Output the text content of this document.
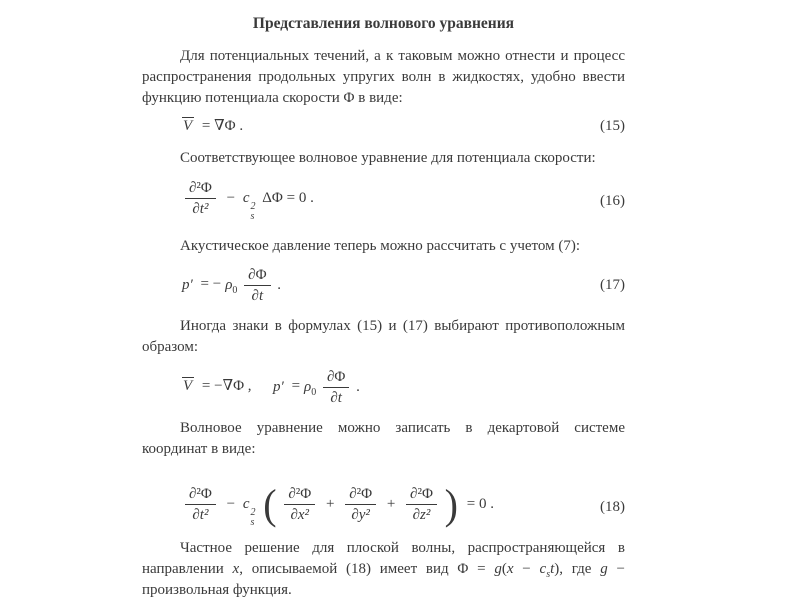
Представления волнового уравнения

Для потенциальных течений, а к таковым можно отнести и процесс распространения продольных упругих волн в жидкостях, удобно ввести функцию потенциала скорости Φ в виде:

V = ∇Φ .	(15)

Соответствующее волновое уравнение для потенциала скорости:

$\frac{\text{∂²Φ}}{\text{∂t²}} - c$
2
s
ΔΦ = 0 .	(16)

Акустическое давление теперь можно рассчитать с учетом (7):

p′ = − $\rho_0 \frac{\partial\Phi}{\partial t}$ .	(17)

Иногда знаки в формулах (15) и (17) выбирают противоположным образом:

V = −∇Φ , $p' = \rho_0 \frac{\partial\Phi}{\partial t}$ .

Волновое уравнение можно записать в декартовой системе координат в виде:

$\frac{\text{∂²Φ}}{\text{∂t²}} - c$
2
s ( $\frac{\text{∂²Φ}}{\text{∂x²}} + \frac{\text{∂²Φ}}{\text{∂y²}} + \frac{\text{∂²Φ}}{\text{∂z²}}$ ) = 0 .	(18)

Частное решение для плоской волны, распространяющейся в направлении x, описываемой (18) имеет вид $\Phi = g(x - c_st)$, где g − произвольная функция.
